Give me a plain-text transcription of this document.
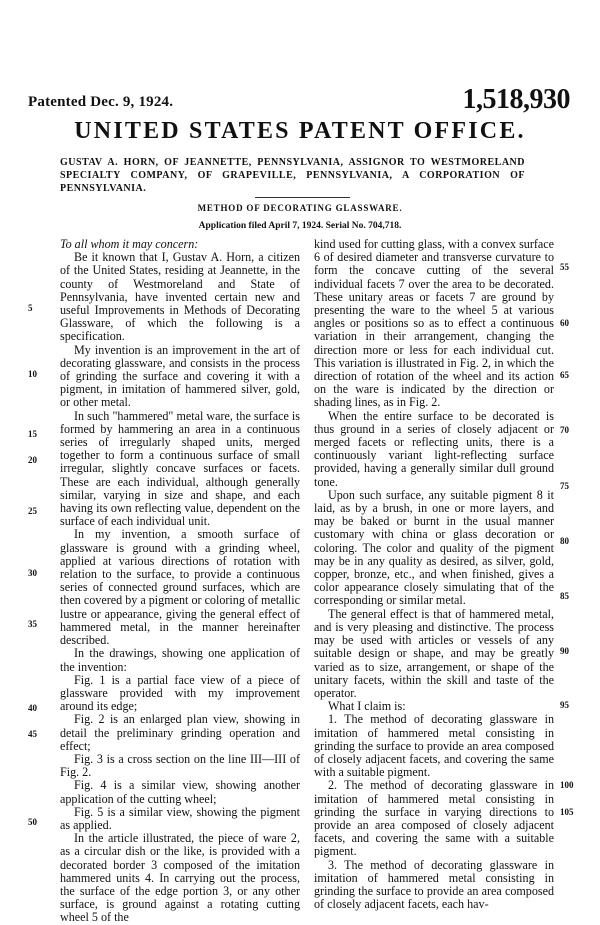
Patented Dec. 9, 1924.	1,518,930
UNITED STATES PATENT OFFICE.
GUSTAV A. HORN, OF JEANNETTE, PENNSYLVANIA, ASSIGNOR TO WESTMORELAND SPECIALTY COMPANY, OF GRAPEVILLE, PENNSYLVANIA, A CORPORATION OF PENNSYLVANIA.
METHOD OF DECORATING GLASSWARE.
Application filed April 7, 1924. Serial No. 704,718.

To all whom it may concern:

Be it known that I, Gustav A. Horn, a citizen of the United States, residing at Jeannette, in the county of Westmoreland and State of Pennsylvania, have invented certain new and useful Improvements in Methods of Decorating Glassware, of which the following is a specification.

My invention is an improvement in the art of decorating glassware, and consists in the process of grinding the surface and covering it with a pigment, in imitation of hammered silver, gold, or other metal.

In such "hammered" metal ware, the surface is formed by hammering an area in a continuous series of irregularly shaped units, merged together to form a continuous surface of small irregular, slightly concave surfaces or facets. These are each individual, although generally similar, varying in size and shape, and each having its own reflecting value, dependent on the surface of each individual unit.

In my invention, a smooth surface of glassware is ground with a grinding wheel, applied at various directions of rotation with relation to the surface, to provide a continuous series of connected ground surfaces, which are then covered by a pigment or coloring of metallic lustre or appearance, giving the general effect of hammered metal, in the manner hereinafter described.

In the drawings, showing one application of the invention:

Fig. 1 is a partial face view of a piece of glassware provided with my improvement around its edge;

Fig. 2 is an enlarged plan view, showing in detail the preliminary grinding operation and effect;

Fig. 3 is a cross section on the line III—III of Fig. 2.

Fig. 4 is a similar view, showing another application of the cutting wheel;

Fig. 5 is a similar view, showing the pigment as applied.

In the article illustrated, the piece of ware 2, as a circular dish or the like, is provided with a decorated border 3 composed of the imitation hammered units 4. In carrying out the process, the surface of the edge portion 3, or any other surface, is ground against a rotating cutting wheel 5 of the

kind used for cutting glass, with a convex surface 6 of desired diameter and transverse curvature to form the concave cutting of the several individual facets 7 over the area to be decorated. These unitary areas or facets 7 are ground by presenting the ware to the wheel 5 at various angles or positions so as to effect a continuous variation in their arrangement, changing the direction more or less for each individual cut. This variation is illustrated in Fig. 2, in which the direction of rotation of the wheel and its action on the ware is indicated by the direction or shading lines, as in Fig. 2.

When the entire surface to be decorated is thus ground in a series of closely adjacent or merged facets or reflecting units, there is a continuously variant light-reflecting surface provided, having a generally similar dull ground tone.

Upon such surface, any suitable pigment 8 it laid, as by a brush, in one or more layers, and may be baked or burnt in the usual manner customary with china or glass decoration or coloring. The color and quality of the pigment may be in any quality as desired, as silver, gold, copper, bronze, etc., and when finished, gives a color appearance closely simulating that of the corresponding or similar metal.

The general effect is that of hammered metal, and is very pleasing and distinctive. The process may be used with articles or vessels of any suitable design or shape, and may be greatly varied as to size, arrangement, or shape of the unitary facets, within the skill and taste of the operator.

What I claim is:

1. The method of decorating glassware in imitation of hammered metal consisting in grinding the surface to provide an area composed of closely adjacent facets, and covering the same with a suitable pigment.

2. The method of decorating glassware in imitation of hammered metal consisting in grinding the surface in varying directions to provide an area composed of closely adjacent facets, and covering the same with a suitable pigment.

3. The method of decorating glassware in imitation of hammered metal consisting in grinding the surface to provide an area composed of closely adjacent facets, each hav-

5
10
15
20
25
30
35
40
45
50
55
60
65
70
75
80
85
90
95
100
105
